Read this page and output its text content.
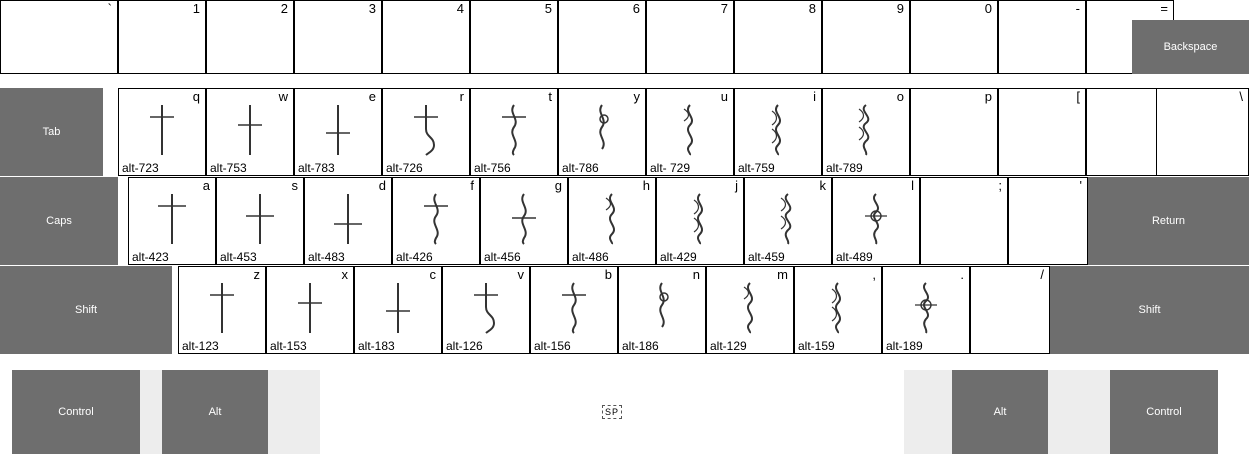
`	1	2	3	4	5	6	7	8	9	0	-	=
Backspace
Tab
q
alt-723
w
alt-753
e
alt-783
r
alt-726
t
alt-756
y
alt-786
u
alt- 729
i
alt-759
o
alt-789
p	[	\
Caps
a
alt-423
s
alt-453
d
alt-483
f
alt-426
g
alt-456
h
alt-486
j
alt-429
k
alt-459
l
alt-489
;	'
Return
Shift
z
alt-123
x
alt-153
c
alt-183
v
alt-126
b
alt-156
n
alt-186
m
alt-129
,
alt-159
.
alt-189
/
Shift
Control	Alt	SP	Alt	Control
